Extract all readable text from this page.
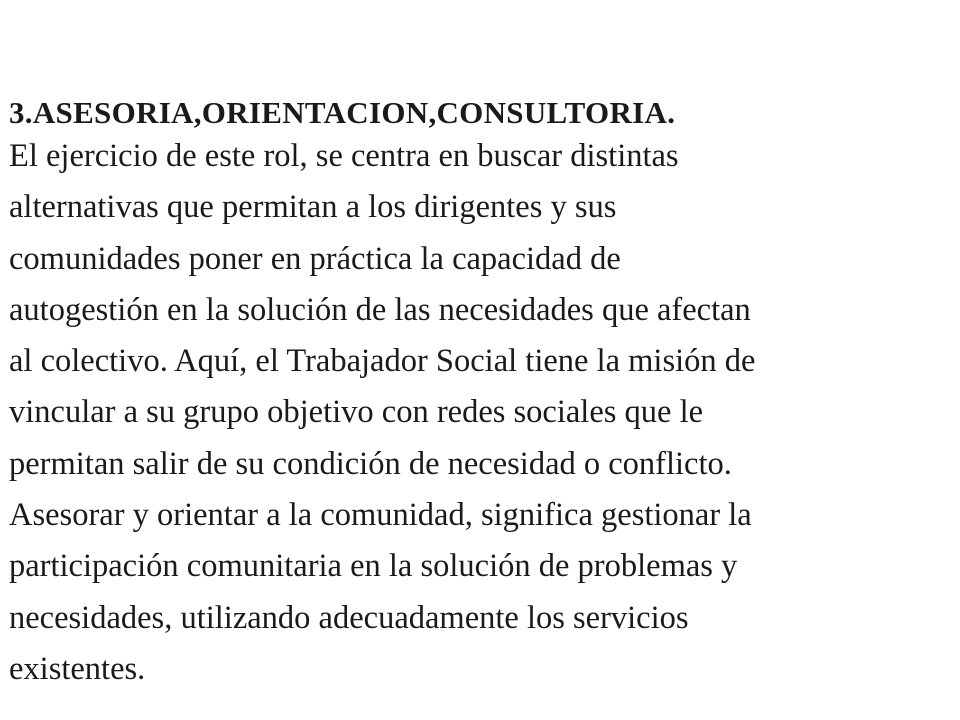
3.ASESORIA,ORIENTACION,CONSULTORIA.

El ejercicio de este rol, se centra en buscar distintas
alternativas que permitan a los dirigentes y sus
comunidades poner en práctica la capacidad de
autogestión en la solución de las necesidades que afectan
al colectivo. Aquí, el Trabajador Social tiene la misión de
vincular a su grupo objetivo con redes sociales que le
permitan salir de su condición de necesidad o conflicto.
Asesorar y orientar a la comunidad, significa gestionar la
participación comunitaria en la solución de problemas y
necesidades, utilizando adecuadamente los servicios
existentes.
